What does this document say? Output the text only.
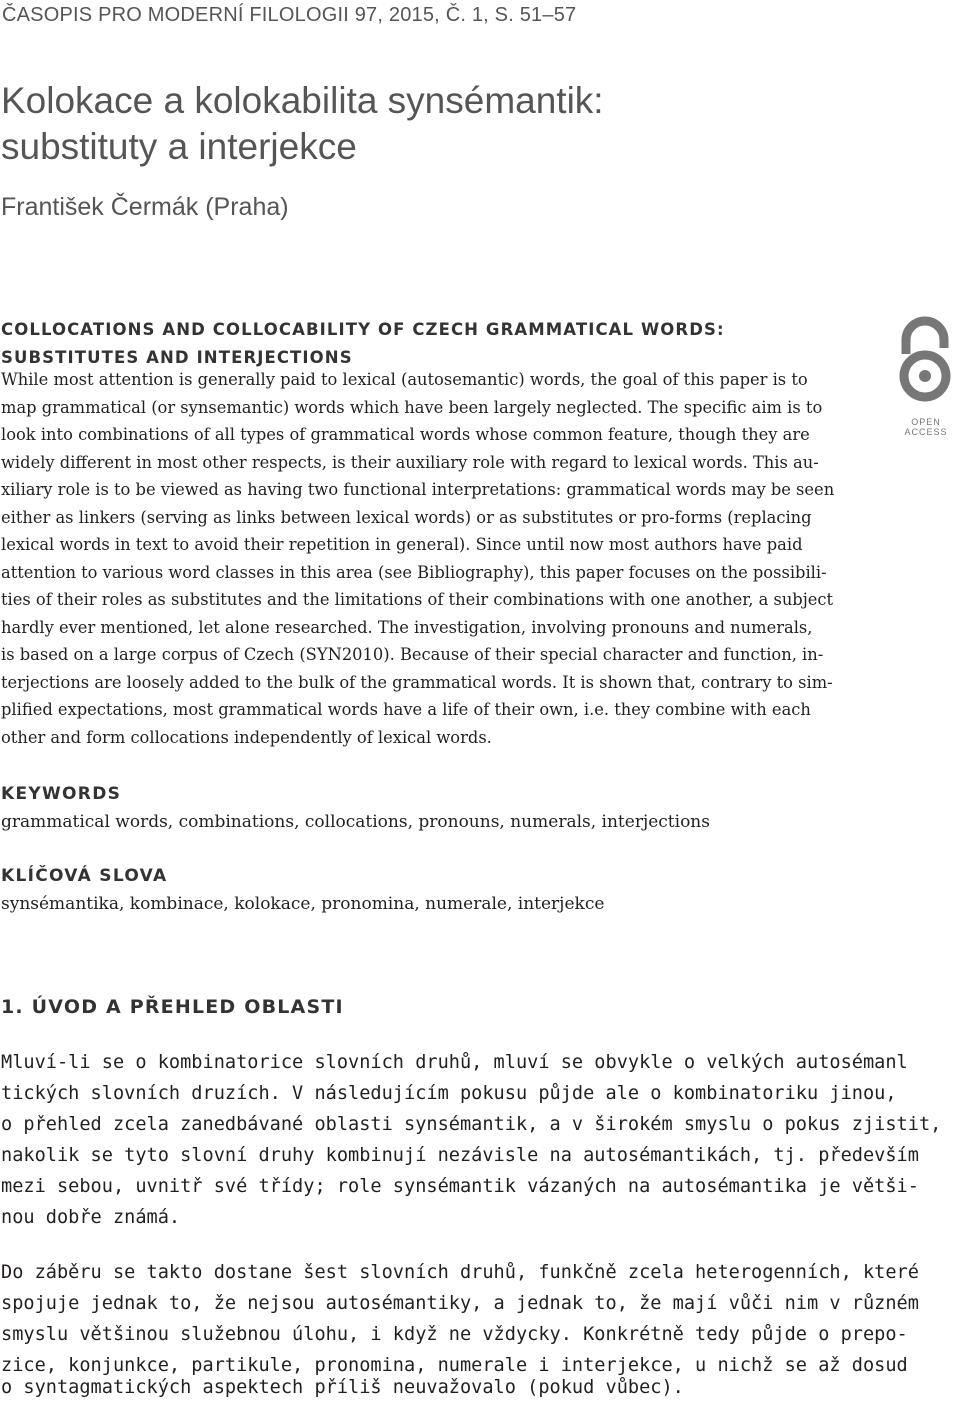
ČASOPIS PRO MODERNÍ FILOLOGII 97, 2015, Č. 1, S. 51–57
Kolokace a kolokabilita synsémantik:
substituty a interjekce
František Čermák (Praha)
COLLOCATIONS AND COLLOCABILITY OF CZECH GRAMMATICAL WORDS:
SUBSTITUTES AND INTERJECTIONS
While most attention is generally paid to lexical (autosemantic) words, the goal of this paper is to
map grammatical (or synsemantic) words which have been largely neglected. The specific aim is to
look into combinations of all types of grammatical words whose common feature, though they are
widely different in most other respects, is their auxiliary role with regard to lexical words. This au-
xiliary role is to be viewed as having two functional interpretations: grammatical words may be seen
either as linkers (serving as links between lexical words) or as substitutes or pro-forms (replacing
lexical words in text to avoid their repetition in general). Since until now most authors have paid
attention to various word classes in this area (see Bibliography), this paper focuses on the possibili-
ties of their roles as substitutes and the limitations of their combinations with one another, a subject
hardly ever mentioned, let alone researched. The investigation, involving pronouns and numerals,
is based on a large corpus of Czech (SYN2010). Because of their special character and function, in-
terjections are loosely added to the bulk of the grammatical words. It is shown that, contrary to sim-
plified expectations, most grammatical words have a life of their own, i.e. they combine with each
other and form collocations independently of lexical words.
OPEN ACCESS
KEYWORDS
grammatical words, combinations, collocations, pronouns, numerals, interjections
KLÍČOVÁ SLOVA
synsémantika, kombinace, kolokace, pronomina, numerale, interjekce
1. ÚVOD A PŘEHLED OBLASTI
Mluví-li se o kombinatorice slovních druhů, mluví se obvykle o velkých autosémanl
tických slovních druzích. V následujícím pokusu půjde ale o kombinatoriku jinou,
o přehled zcela zanedbávané oblasti synsémantik, a v širokém smyslu o pokus zjistit,
nakolik se tyto slovní druhy kombinují nezávisle na autosémantikách, tj. především
mezi sebou, uvnitř své třídy; role synsémantik vázaných na autosémantika je větši-
nou dobře známá.
Do záběru se takto dostane šest slovních druhů, funkčně zcela heterogenních, které
spojuje jednak to, že nejsou autosémantiky, a jednak to, že mají vůči nim v různém
smyslu většinou služebnou úlohu, i když ne vždycky. Konkrétně tedy půjde o prepo-
zice, konjunkce, partikule, pronomina, numerale i interjekce, u nichž se až dosud
o syntagmatických aspektech příliš neuvažovalo (pokud vůbec).
